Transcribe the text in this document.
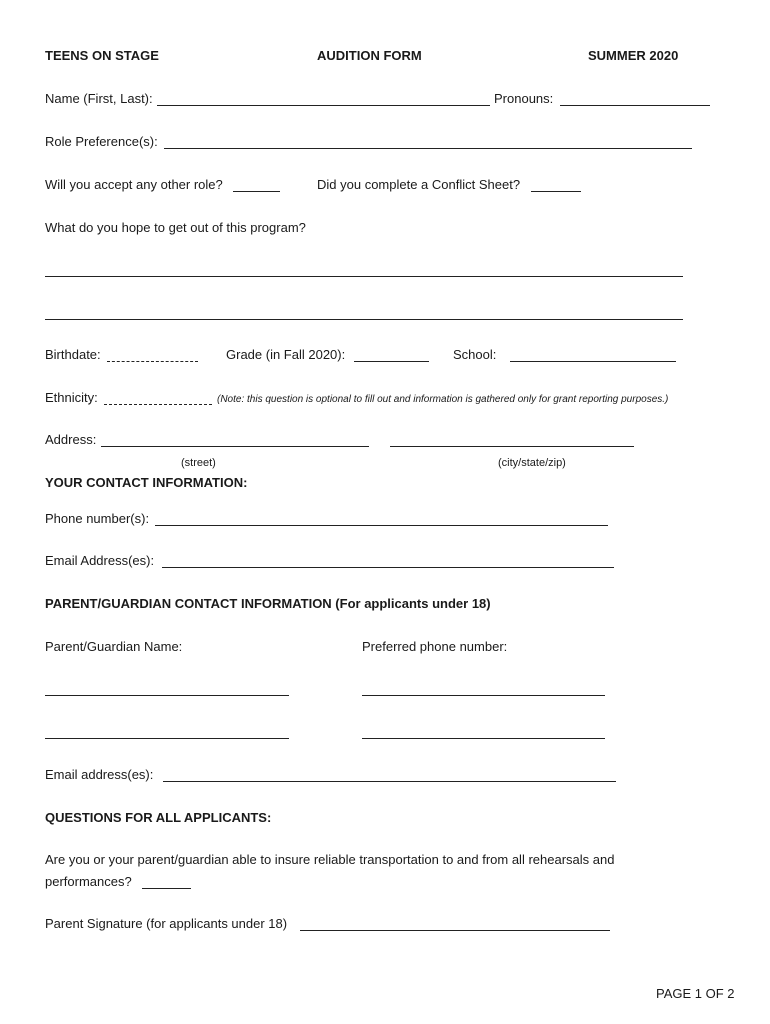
TEENS ON STAGE	AUDITION FORM	SUMMER 2020
Name (First, Last):	Pronouns:
Role Preference(s):
Will you accept any other role?	Did you complete a Conflict Sheet?
What do you hope to get out of this program?
Birthdate:	Grade (in Fall 2020):	School:
Ethnicity:	(Note: this question is optional to fill out and information is gathered only for grant reporting purposes.)
Address:
(street)	(city/state/zip)
YOUR CONTACT INFORMATION:
Phone number(s):
Email Address(es):
PARENT/GUARDIAN CONTACT INFORMATION (For applicants under 18)
Parent/Guardian Name:	Preferred phone number:
Email address(es):
QUESTIONS FOR ALL APPLICANTS:
Are you or your parent/guardian able to insure reliable transportation to and from all rehearsals and
performances?
Parent Signature (for applicants under 18)
PAGE 1 OF 2
